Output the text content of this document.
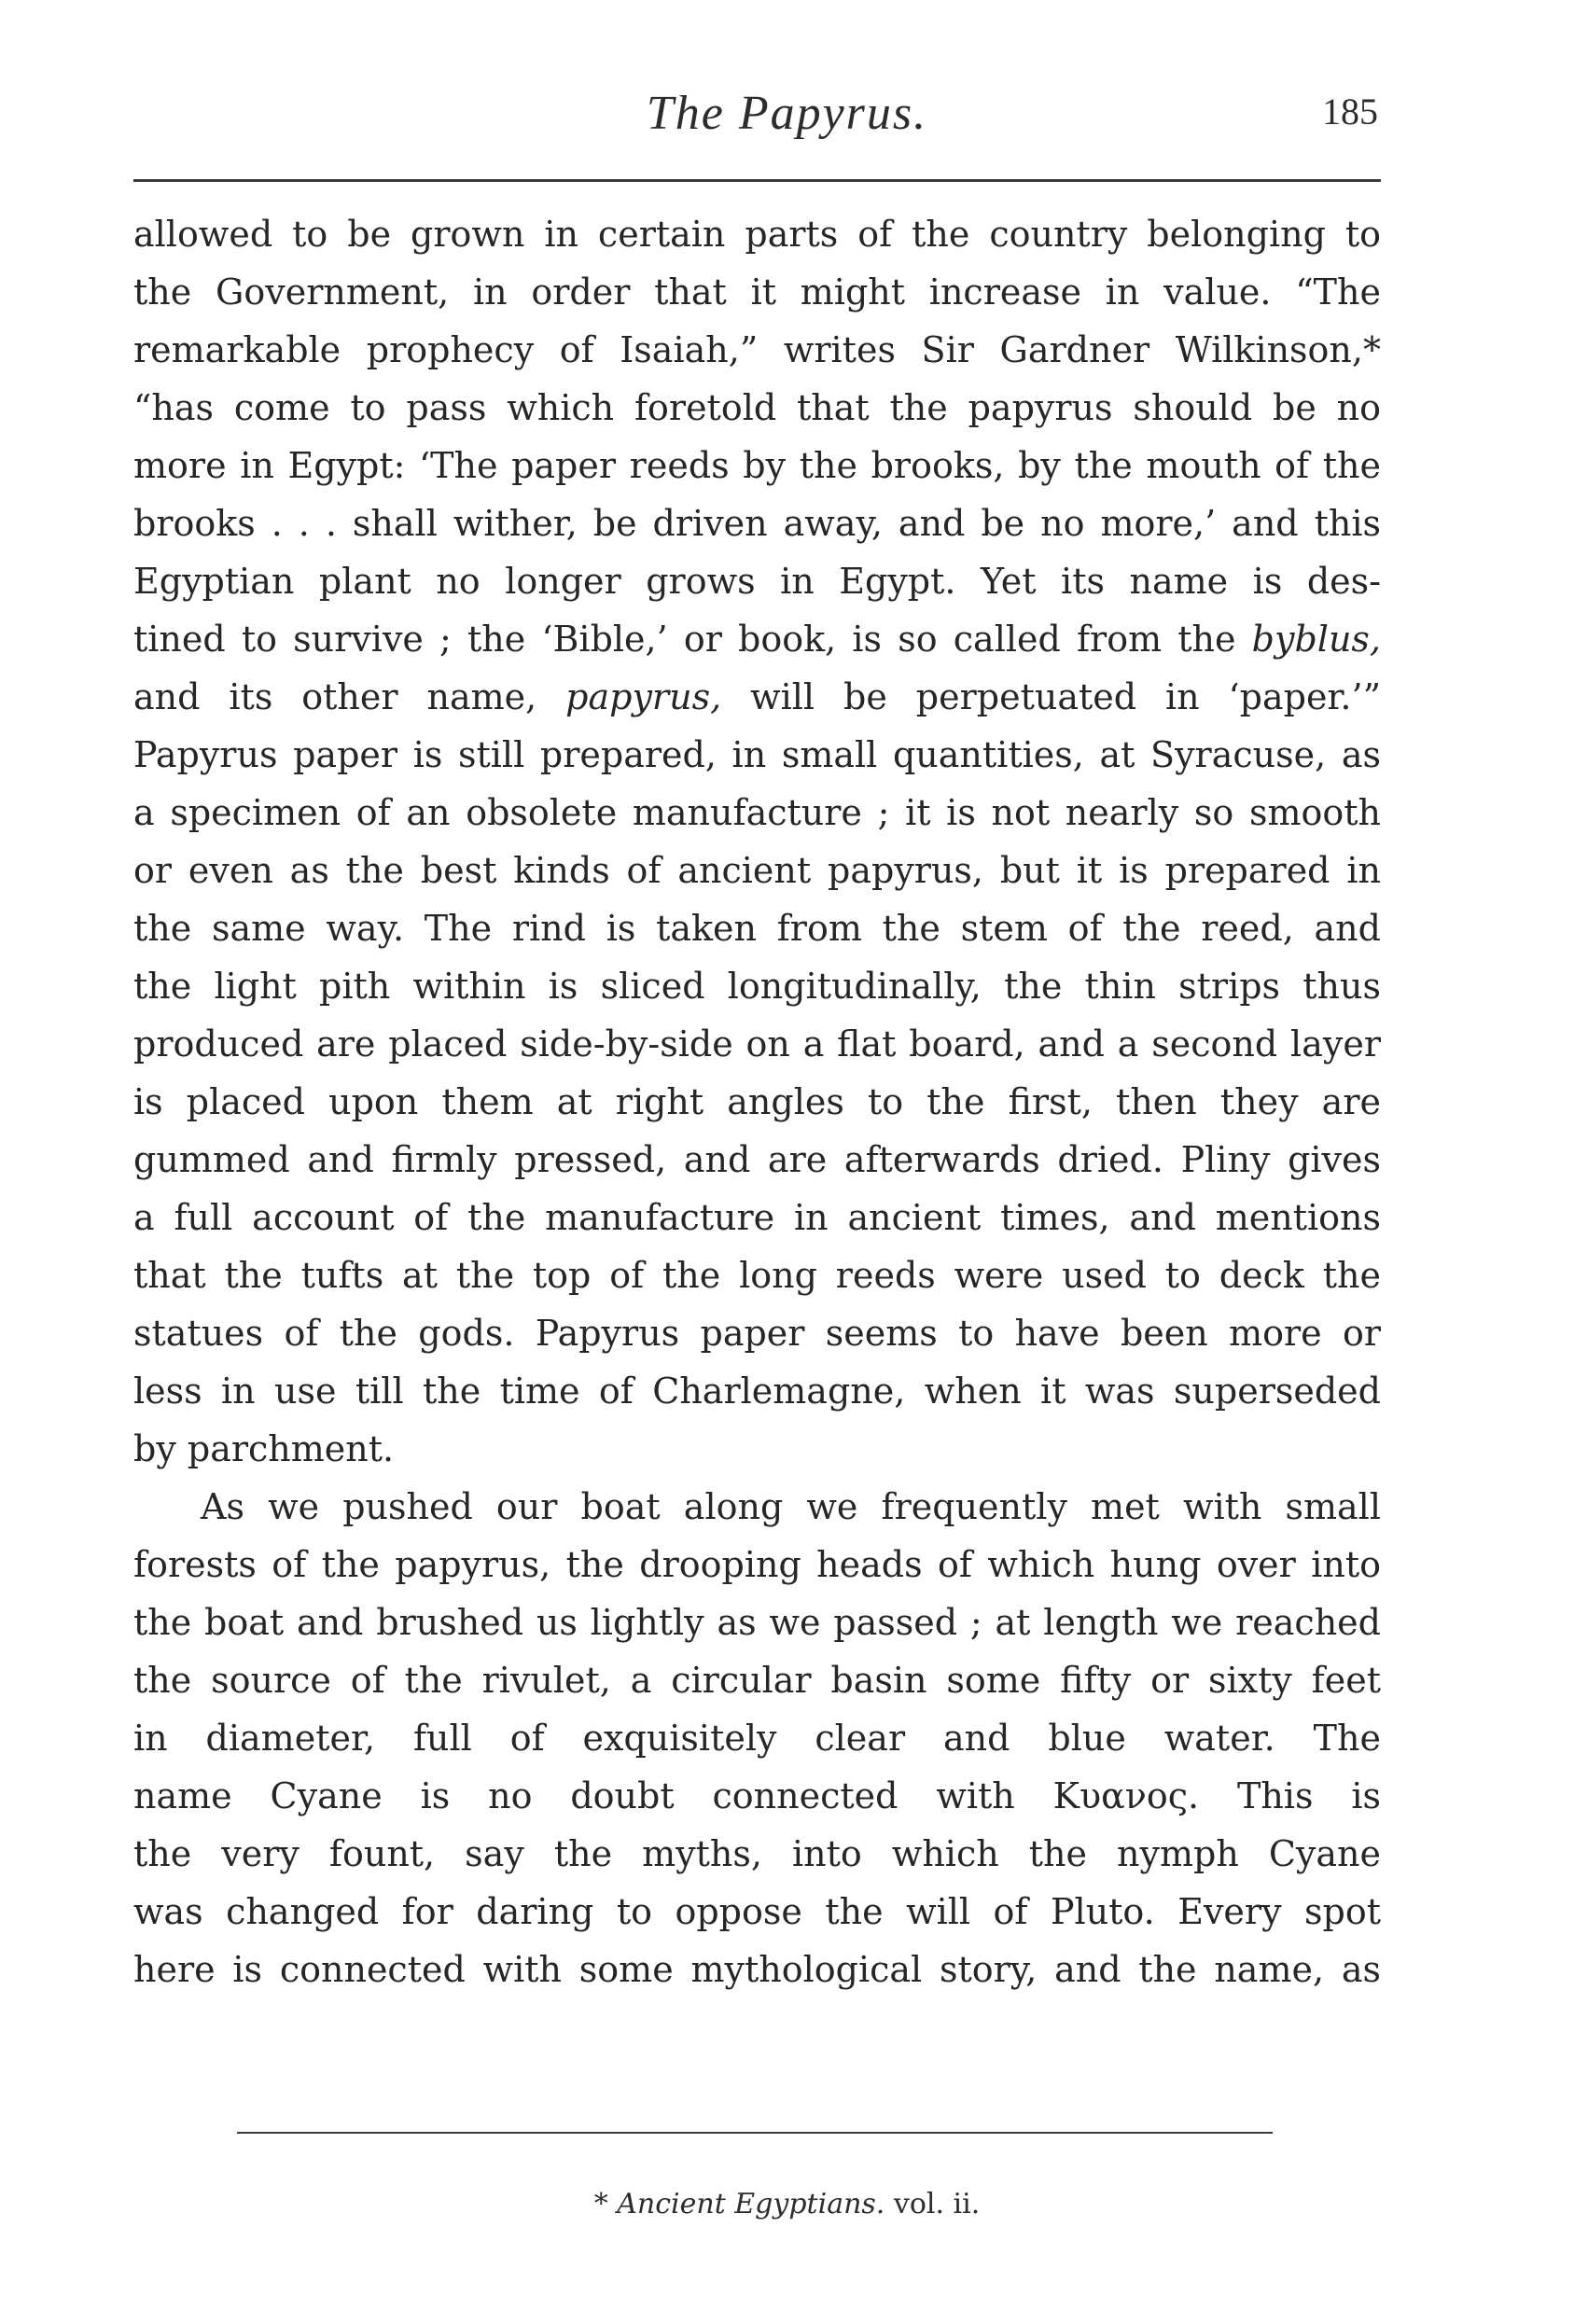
The Papyrus.	185
allowed to be grown in certain parts of the country belonging to
the Government, in order that it might increase in value. “The
remarkable prophecy of Isaiah,” writes Sir Gardner Wilkinson,*
“has come to pass which foretold that the papyrus should be no
more in Egypt: ‘The paper reeds by the brooks, by the mouth of the
brooks . . . shall wither, be driven away, and be no more,’ and this
Egyptian plant no longer grows in Egypt. Yet its name is des-
tined to survive ; the ‘Bible,’ or book, is so called from the byblus,
and its other name, papyrus, will be perpetuated in ‘paper.’”
Papyrus paper is still prepared, in small quantities, at Syracuse, as
a specimen of an obsolete manufacture ; it is not nearly so smooth
or even as the best kinds of ancient papyrus, but it is prepared in
the same way. The rind is taken from the stem of the reed, and
the light pith within is sliced longitudinally, the thin strips thus
produced are placed side-by-side on a flat board, and a second layer
is placed upon them at right angles to the first, then they are
gummed and firmly pressed, and are afterwards dried. Pliny gives
a full account of the manufacture in ancient times, and mentions
that the tufts at the top of the long reeds were used to deck the
statues of the gods. Papyrus paper seems to have been more or
less in use till the time of Charlemagne, when it was superseded
by parchment.
As we pushed our boat along we frequently met with small
forests of the papyrus, the drooping heads of which hung over into
the boat and brushed us lightly as we passed ; at length we reached
the source of the rivulet, a circular basin some fifty or sixty feet
in diameter, full of exquisitely clear and blue water. The
name Cyane is no doubt connected with Κυανος. This is
the very fount, say the myths, into which the nymph Cyane
was changed for daring to oppose the will of Pluto. Every spot
here is connected with some mythological story, and the name, as
* Ancient Egyptians. vol. ii.
